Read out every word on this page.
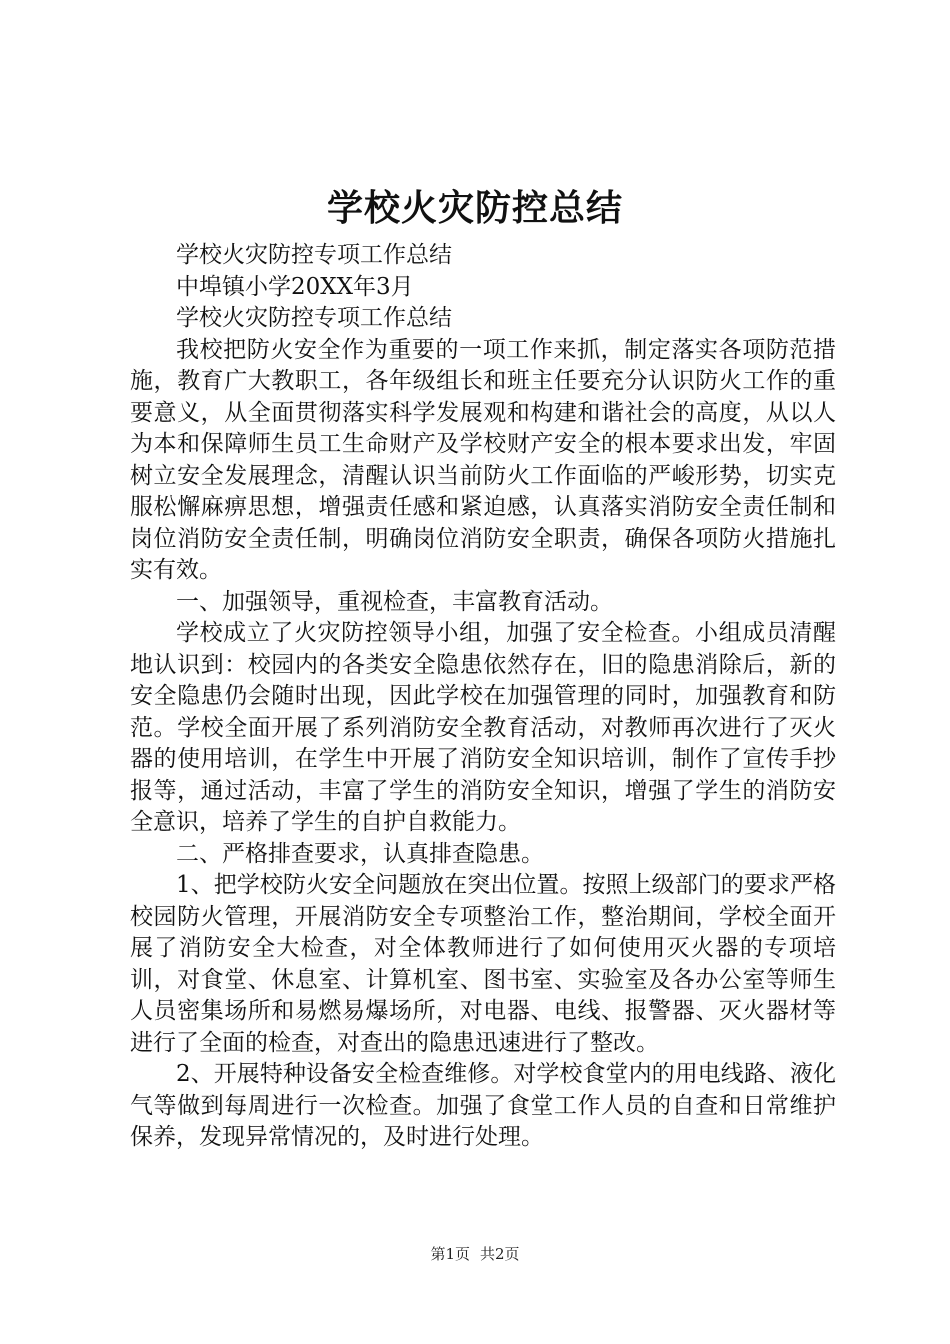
学校火灾防控总结

学校火灾防控专项工作总结

中埠镇小学20XX年3月

学校火灾防控专项工作总结

我校把防火安全作为重要的一项工作来抓，制定落实各项防范措施，教育广大教职工，各年级组长和班主任要充分认识防火工作的重要意义，从全面贯彻落实科学发展观和构建和谐社会的高度，从以人为本和保障师生员工生命财产及学校财产安全的根本要求出发，牢固树立安全发展理念，清醒认识当前防火工作面临的严峻形势，切实克服松懈麻痹思想，增强责任感和紧迫感，认真落实消防安全责任制和岗位消防安全责任制，明确岗位消防安全职责，确保各项防火措施扎实有效。

一、加强领导，重视检查，丰富教育活动。

学校成立了火灾防控领导小组，加强了安全检查。小组成员清醒地认识到：校园内的各类安全隐患依然存在，旧的隐患消除后，新的安全隐患仍会随时出现，因此学校在加强管理的同时，加强教育和防范。学校全面开展了系列消防安全教育活动，对教师再次进行了灭火器的使用培训，在学生中开展了消防安全知识培训，制作了宣传手抄报等，通过活动，丰富了学生的消防安全知识，增强了学生的消防安全意识，培养了学生的自护自救能力。

二、严格排查要求，认真排查隐患。

1、把学校防火安全问题放在突出位置。按照上级部门的要求严格校园防火管理，开展消防安全专项整治工作，整治期间，学校全面开展了消防安全大检查，对全体教师进行了如何使用灭火器的专项培训，对食堂、休息室、计算机室、图书室、实验室及各办公室等师生人员密集场所和易燃易爆场所，对电器、电线、报警器、灭火器材等进行了全面的检查，对查出的隐患迅速进行了整改。

2、开展特种设备安全检查维修。对学校食堂内的用电线路、液化气等做到每周进行一次检查。加强了食堂工作人员的自查和日常维护保养，发现异常情况的，及时进行处理。

第1页 共2页
